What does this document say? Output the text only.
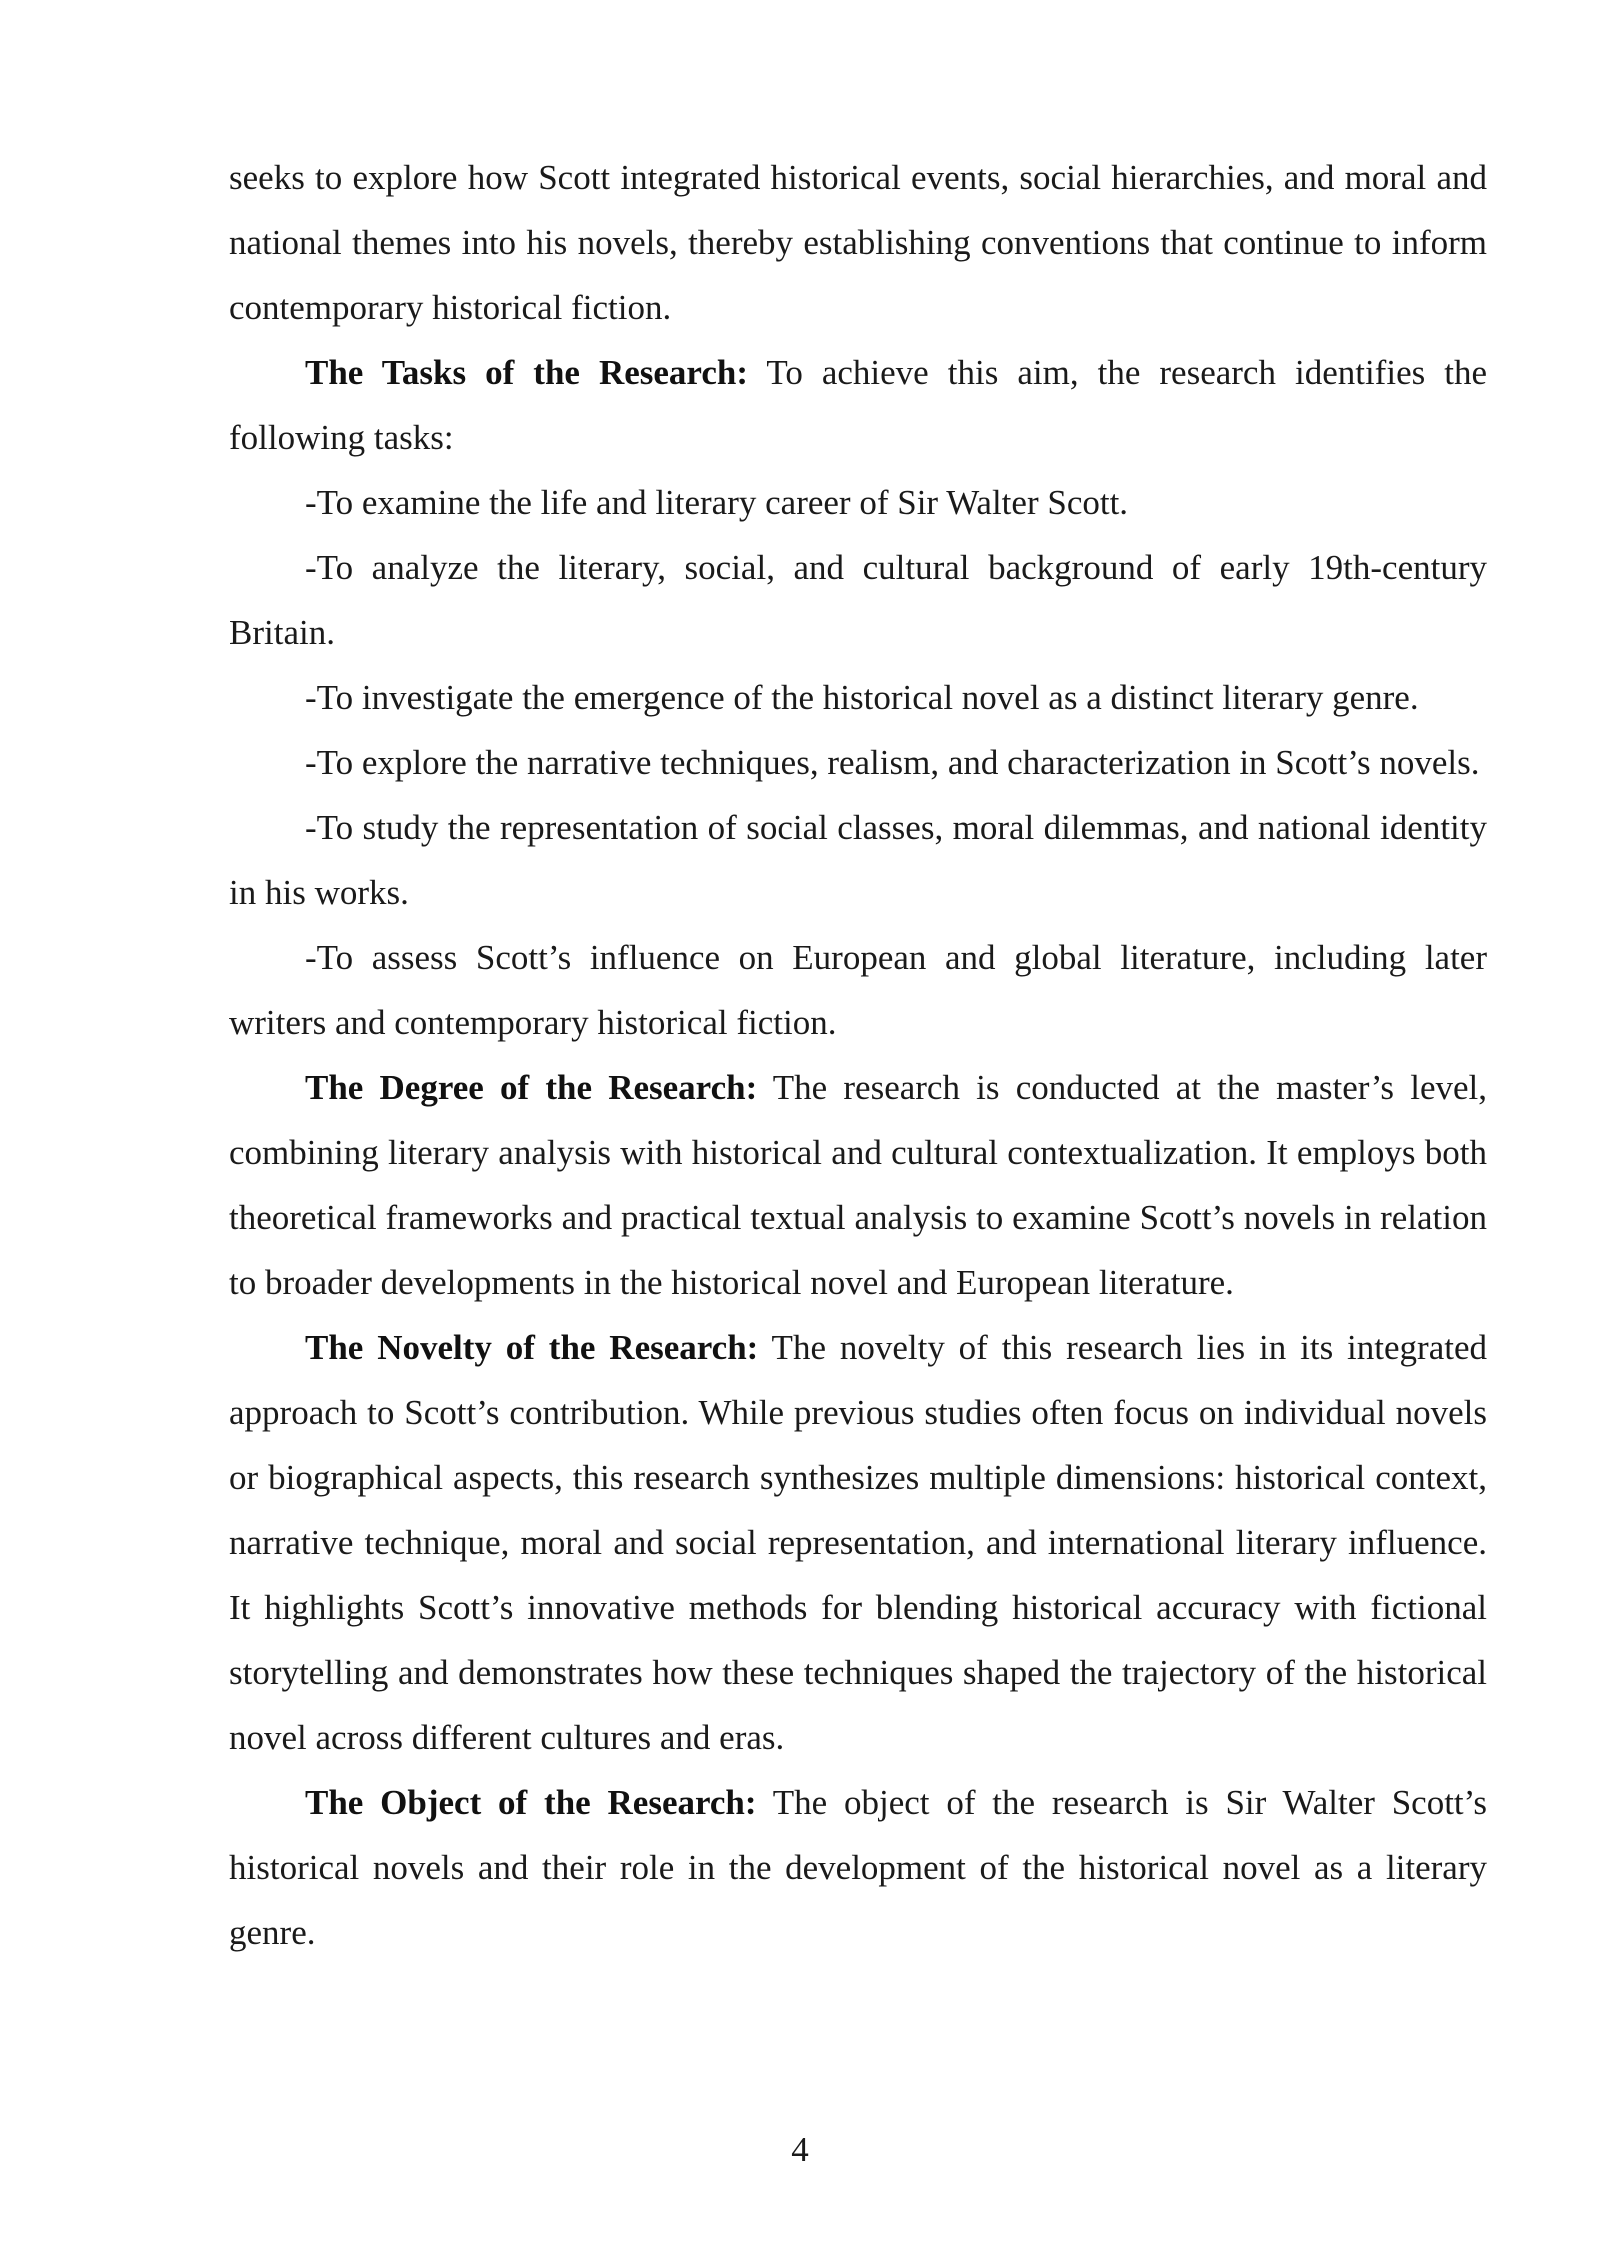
seeks to explore how Scott integrated historical events, social hierarchies, and moral and national themes into his novels, thereby establishing conventions that continue to inform contemporary historical fiction.

The Tasks of the Research: To achieve this aim, the research identifies the following tasks:

-To examine the life and literary career of Sir Walter Scott.

-To analyze the literary, social, and cultural background of early 19th-century Britain.

-To investigate the emergence of the historical novel as a distinct literary genre.

-To explore the narrative techniques, realism, and characterization in Scott’s novels.

-To study the representation of social classes, moral dilemmas, and national identity in his works.

-To assess Scott’s influence on European and global literature, including later writers and contemporary historical fiction.

The Degree of the Research: The research is conducted at the master’s level, combining literary analysis with historical and cultural contextualization. It employs both theoretical frameworks and practical textual analysis to examine Scott’s novels in relation to broader developments in the historical novel and European literature.

The Novelty of the Research: The novelty of this research lies in its integrated approach to Scott’s contribution. While previous studies often focus on individual novels or biographical aspects, this research synthesizes multiple dimensions: historical context, narrative technique, moral and social representation, and international literary influence. It highlights Scott’s innovative methods for blending historical accuracy with fictional storytelling and demonstrates how these techniques shaped the trajectory of the historical novel across different cultures and eras.

The Object of the Research: The object of the research is Sir Walter Scott’s historical novels and their role in the development of the historical novel as a literary genre.

4
